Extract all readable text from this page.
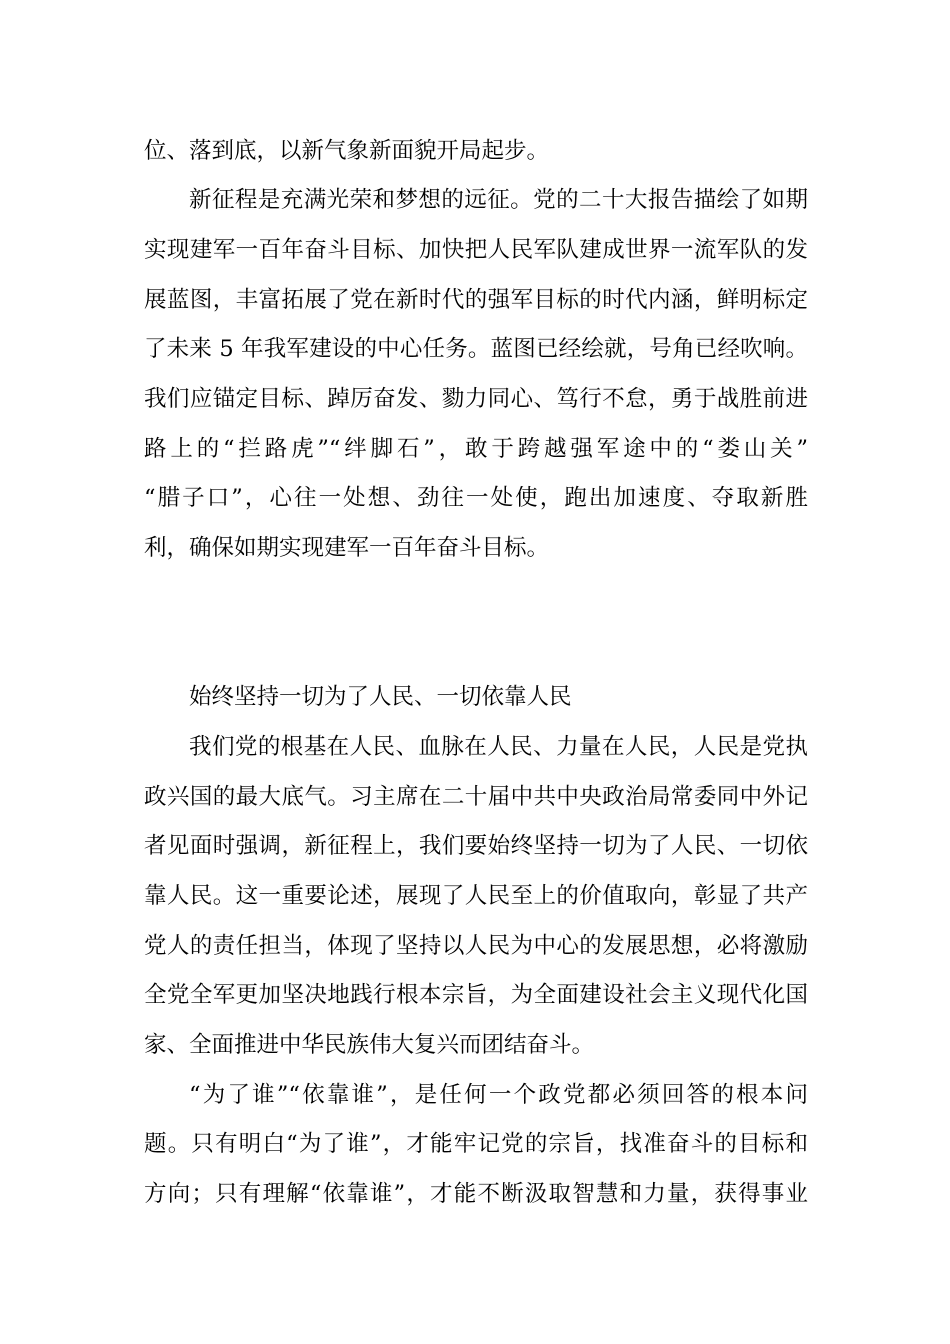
位、落到底，以新气象新面貌开局起步。
新征程是充满光荣和梦想的远征。党的二十大报告描绘了如期
实现建军一百年奋斗目标、加快把人民军队建成世界一流军队的发
展蓝图，丰富拓展了党在新时代的强军目标的时代内涵，鲜明标定
了未来 5 年我军建设的中心任务。蓝图已经绘就，号角已经吹响。
我们应锚定目标、踔厉奋发、勠力同心、笃行不怠，勇于战胜前进
路上的“拦路虎”“绊脚石”，敢于跨越强军途中的“娄山关”
“腊子口”，心往一处想、劲往一处使，跑出加速度、夺取新胜
利，确保如期实现建军一百年奋斗目标。
始终坚持一切为了人民、一切依靠人民
我们党的根基在人民、血脉在人民、力量在人民，人民是党执
政兴国的最大底气。习主席在二十届中共中央政治局常委同中外记
者见面时强调，新征程上，我们要始终坚持一切为了人民、一切依
靠人民。这一重要论述，展现了人民至上的价值取向，彰显了共产
党人的责任担当，体现了坚持以人民为中心的发展思想，必将激励
全党全军更加坚决地践行根本宗旨，为全面建设社会主义现代化国
家、全面推进中华民族伟大复兴而团结奋斗。
“为了谁”“依靠谁”，是任何一个政党都必须回答的根本问
题。只有明白“为了谁”，才能牢记党的宗旨，找准奋斗的目标和
方向；只有理解“依靠谁”，才能不断汲取智慧和力量，获得事业
